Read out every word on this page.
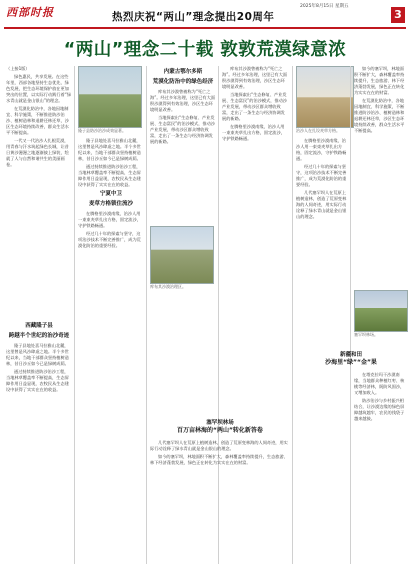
西部时报	热烈庆祝“两山”理念提出20周年
2025年8月15日 星期五
3
“两山”理念二十载 敦敦荒漠绿意浓

（上接1版）

绿色惠民，共享发展。在这些年里，西部各地坚持生态优先、绿色发展，把生态环境保护放在更加突出的位置，以实际行动践行着“绿水青山就是金山银山”的理念。

在荒漠化防治中，各地因地制宜、科学施策，不断推进防沙治沙、植树造林和退耕还林还草，沙区生态环境持续改善，群众生活水平不断提高。

一代又一代治沙人扎根荒漠，用青春与汗水筑起绿色长城，让昔日黄沙漫漫之地逐渐披上绿装，绘就了人与自然和谐共生的美丽画卷。

西藏隆子县
跨越半个世纪的治沙奇迹

隆子县地处喜马拉雅山北麓，这里曾是风沙肆虐之地。半个多世纪以来，当地干部群众坚持植树造林，昔日沙丘如今已是绿树成荫。

通过持续推进防沙治沙工程，当地林草覆盖率不断提高，生态屏障作用日益显现，农牧民从生态建设中获得了实实在在的收益。

隆子县防沙治沙成效显著。

隆子县地处喜马拉雅山北麓，这里曾是风沙肆虐之地。半个多世纪以来，当地干部群众坚持植树造林，昔日沙丘如今已是绿树成荫。

通过持续推进防沙治沙工程，当地林草覆盖率不断提高，生态屏障作用日益显现，农牧民从生态建设中获得了实实在在的收益。

宁夏中卫
麦草方格锁住流沙

在腾格里沙漠南缘，治沙人用一束束麦草扎出方格，固定流沙，守护铁路畅通。

经过几十年的探索与坚守，这项治沙技术不断完善推广，成为荒漠化防治的重要经验。

内蒙古鄂尔多斯
荒漠化防治中的绿色经济

库布其沙漠曾被称为“死亡之海”。经过多年治理，这里已有大面积沙漠得到有效治理，沙区生态环境明显改善。

当地探索出“生态修复、产业发展、生态富民”的治沙模式，推动沙产业发展，带动沙区群众增收致富，走出了一条生态与经济协调发展的新路。

库布其沙漠治理区。
塞罕坝林场
百万亩林海的“两山”转化新答卷

几代塞罕坝人在荒原上植树造林，创造了荒原变林海的人间奇迹，用实际行动诠释了绿水青山就是金山银山的理念。

如今的塞罕坝，林地面积不断扩大，森林覆盖率持续提升，生态旅游、林下经济蓬勃发展，绿色正在转化为实实在在的财富。

库布其沙漠曾被称为“死亡之海”。经过多年治理，这里已有大面积沙漠得到有效治理，沙区生态环境明显改善。

当地探索出“生态修复、产业发展、生态富民”的治沙模式，推动沙产业发展，带动沙区群众增收致富，走出了一条生态与经济协调发展的新路。

在腾格里沙漠南缘，治沙人用一束束麦草扎出方格，固定流沙，守护铁路畅通。

治沙人在扎设麦草方格。

在腾格里沙漠南缘，治沙人用一束束麦草扎出方格，固定流沙，守护铁路畅通。

经过几十年的探索与坚守，这项治沙技术不断完善推广，成为荒漠化防治的重要经验。

几代塞罕坝人在荒原上植树造林，创造了荒原变林海的人间奇迹，用实际行动诠释了绿水青山就是金山银山的理念。

如今的塞罕坝，林地面积不断扩大，森林覆盖率持续提升，生态旅游、林下经济蓬勃发展，绿色正在转化为实实在在的财富。

在荒漠化防治中，各地因地制宜、科学施策，不断推进防沙治沙、植树造林和退耕还林还草，沙区生态环境持续改善，群众生活水平不断提高。

塞罕坝林场。
新疆和田
沙海里“绿”“金”果

在塔克拉玛干沙漠南缘，当地群众种植红枣、核桃等经济林，既防风固沙，又增加收入。

防沙治沙与乡村振兴相结合，让沙漠边缘的绿色屏障越筑越牢，农民的钱袋子越来越鼓。
